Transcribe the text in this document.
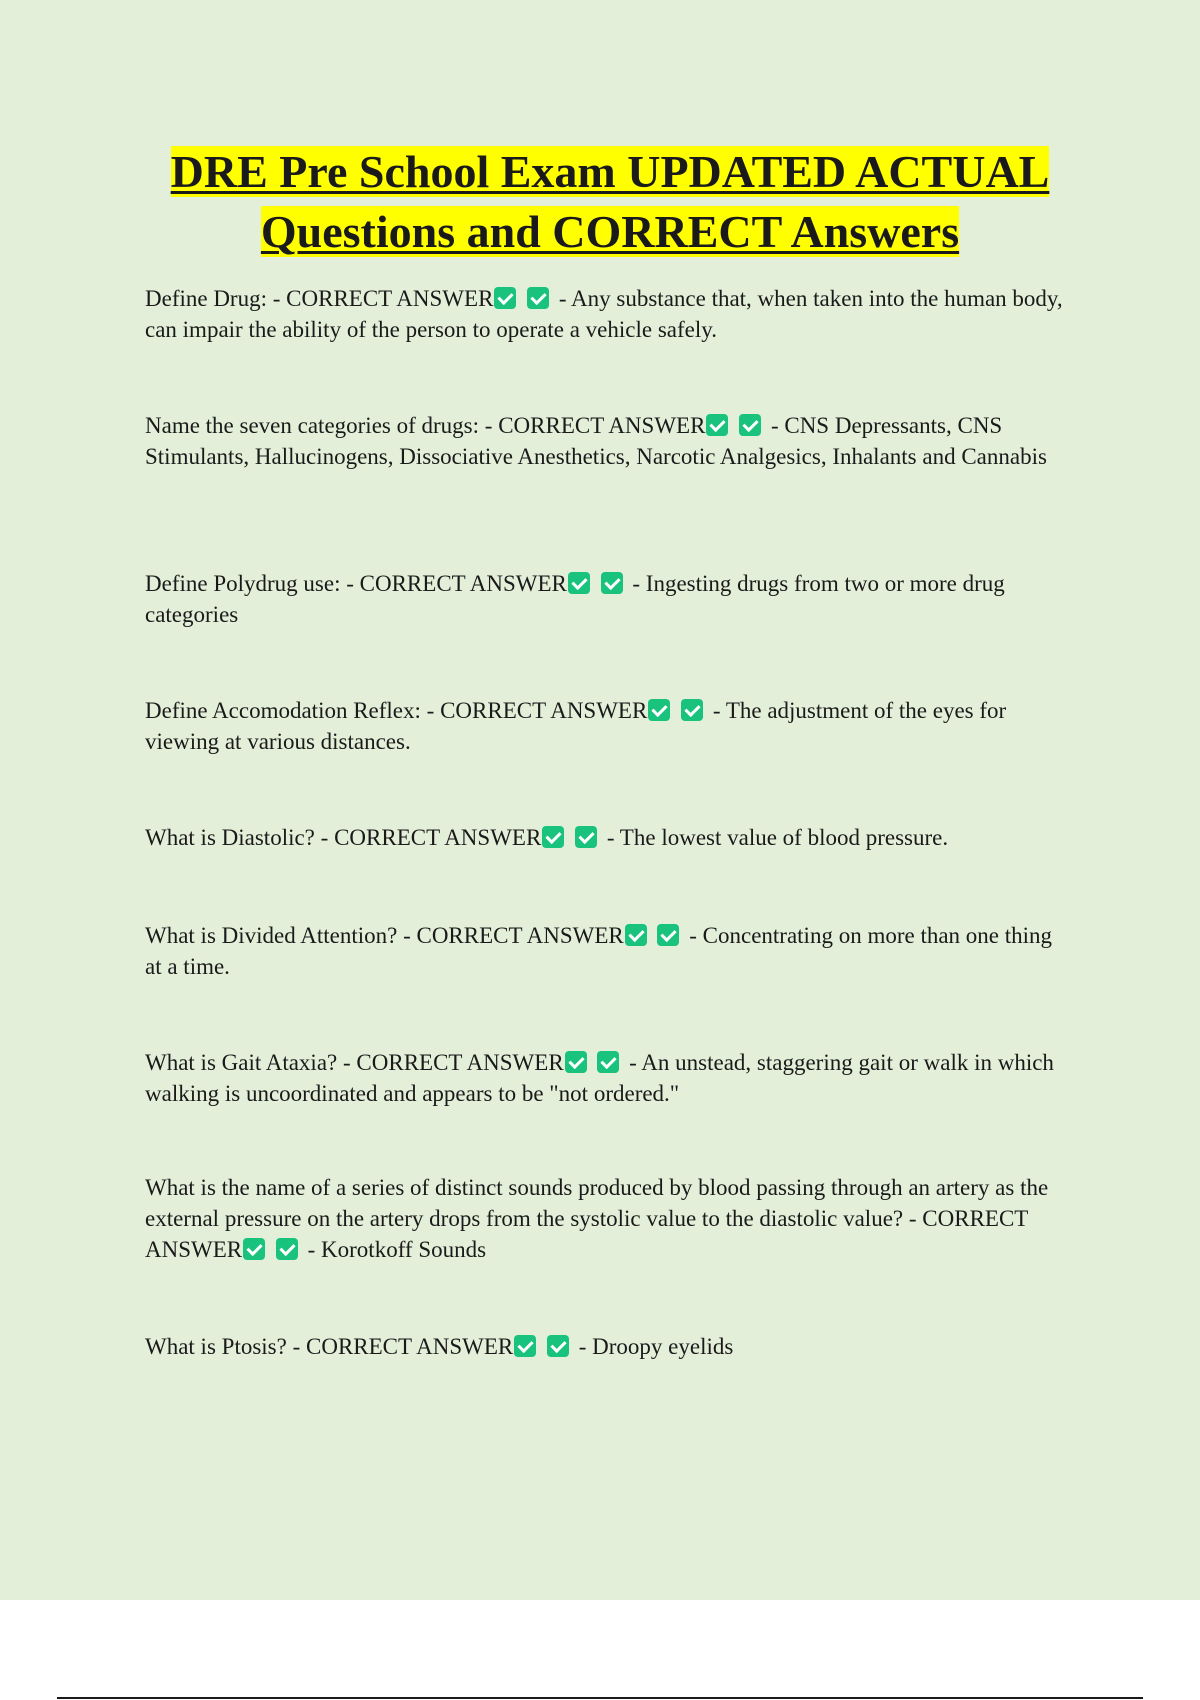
DRE Pre School Exam UPDATED ACTUAL
Questions and CORRECT Answers

Define Drug: - CORRECT ANSWER	- Any substance that, when taken into the human body, can impair the ability of the person to operate a vehicle safely.

Name the seven categories of drugs: - CORRECT ANSWER	- CNS Depressants, CNS Stimulants, Hallucinogens, Dissociative Anesthetics, Narcotic Analgesics, Inhalants and Cannabis

Define Polydrug use: - CORRECT ANSWER	- Ingesting drugs from two or more drug categories

Define Accomodation Reflex: - CORRECT ANSWER	- The adjustment of the eyes for viewing at various distances.

What is Diastolic? - CORRECT ANSWER	- The lowest value of blood pressure.

What is Divided Attention? - CORRECT ANSWER	- Concentrating on more than one thing at a time.

What is Gait Ataxia? - CORRECT ANSWER	- An unstead, staggering gait or walk in which walking is uncoordinated and appears to be "not ordered."

What is the name of a series of distinct sounds produced by blood passing through an artery as the external pressure on the artery drops from the systolic value to the diastolic value? - CORRECT ANSWER	- Korotkoff Sounds

What is Ptosis? - CORRECT ANSWER	- Droopy eyelids
